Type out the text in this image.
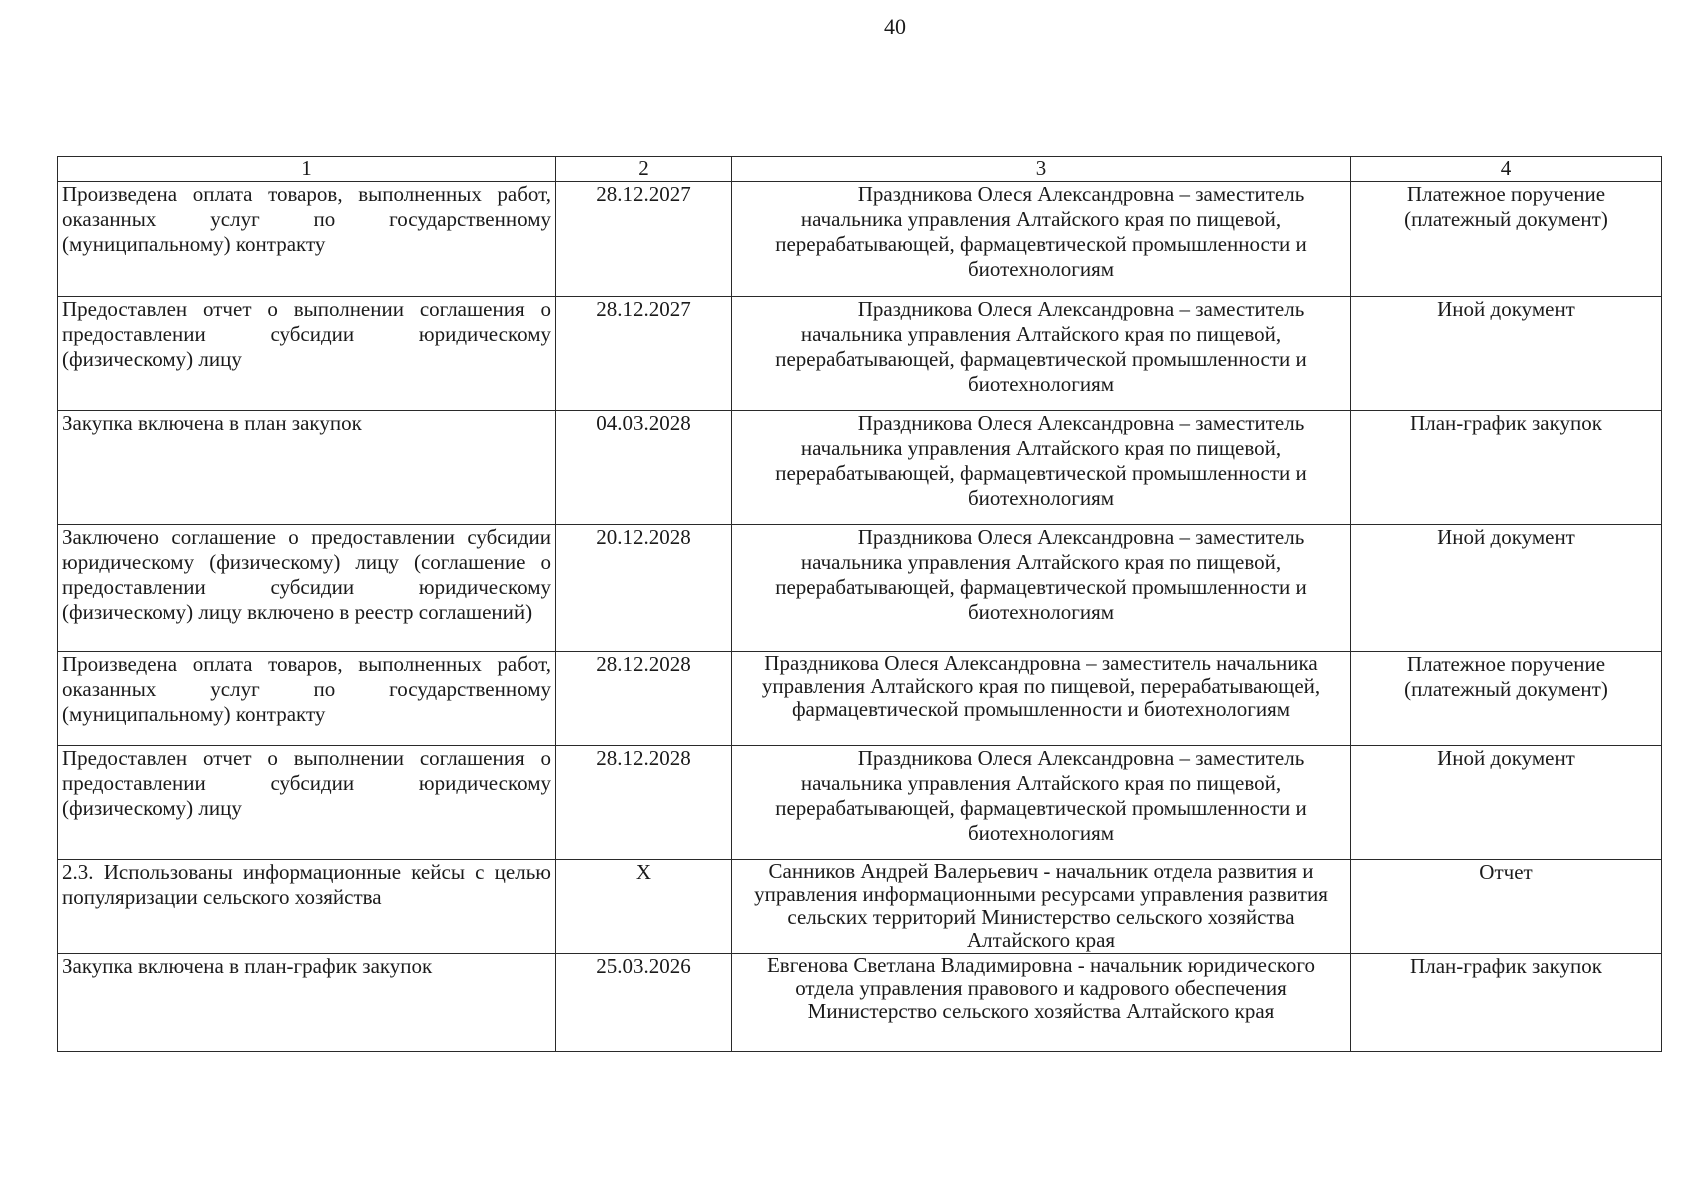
40
1	2	3	4
Произведена оплата товаров, выполненных работ, оказанных услуг по государственному (муниципальному) контракту	28.12.2027	Праздникова Олеся Александровна – заместитель начальника управления Алтайского края по пищевой, перерабатывающей, фармацевтической промышленности и биотехнологиям	Платежное поручение (платежный документ)
Предоставлен отчет о выполнении соглашения о предоставлении субсидии юридическому (физическому) лицу	28.12.2027	Праздникова Олеся Александровна – заместитель начальника управления Алтайского края по пищевой, перерабатывающей, фармацевтической промышленности и биотехнологиям	Иной документ
Закупка включена в план закупок	04.03.2028	Праздникова Олеся Александровна – заместитель начальника управления Алтайского края по пищевой, перерабатывающей, фармацевтической промышленности и биотехнологиям	План-график закупок
Заключено соглашение о предоставлении субсидии юридическому (физическому) лицу (соглашение о предоставлении субсидии юридическому (физическому) лицу включено в реестр соглашений)	20.12.2028	Праздникова Олеся Александровна – заместитель начальника управления Алтайского края по пищевой, перерабатывающей, фармацевтической промышленности и биотехнологиям	Иной документ
Произведена оплата товаров, выполненных работ, оказанных услуг по государственному (муниципальному) контракту	28.12.2028	Праздникова Олеся Александровна – заместитель начальника управления Алтайского края по пищевой, перерабатывающей, фармацевтической промышленности и биотехнологиям	Платежное поручение (платежный документ)
Предоставлен отчет о выполнении соглашения о предоставлении субсидии юридическому (физическому) лицу	28.12.2028	Праздникова Олеся Александровна – заместитель начальника управления Алтайского края по пищевой, перерабатывающей, фармацевтической промышленности и биотехнологиям	Иной документ
2.3. Использованы информационные кейсы с целью популяризации сельского хозяйства	X	Санников Андрей Валерьевич - начальник отдела развития и управления информационными ресурсами управления развития сельских территорий Министерство сельского хозяйства Алтайского края	Отчет
Закупка включена в план-график закупок	25.03.2026	Евгенова Светлана Владимировна - начальник юридического отдела управления правового и кадрового обеспечения Министерство сельского хозяйства Алтайского края	План-график закупок
